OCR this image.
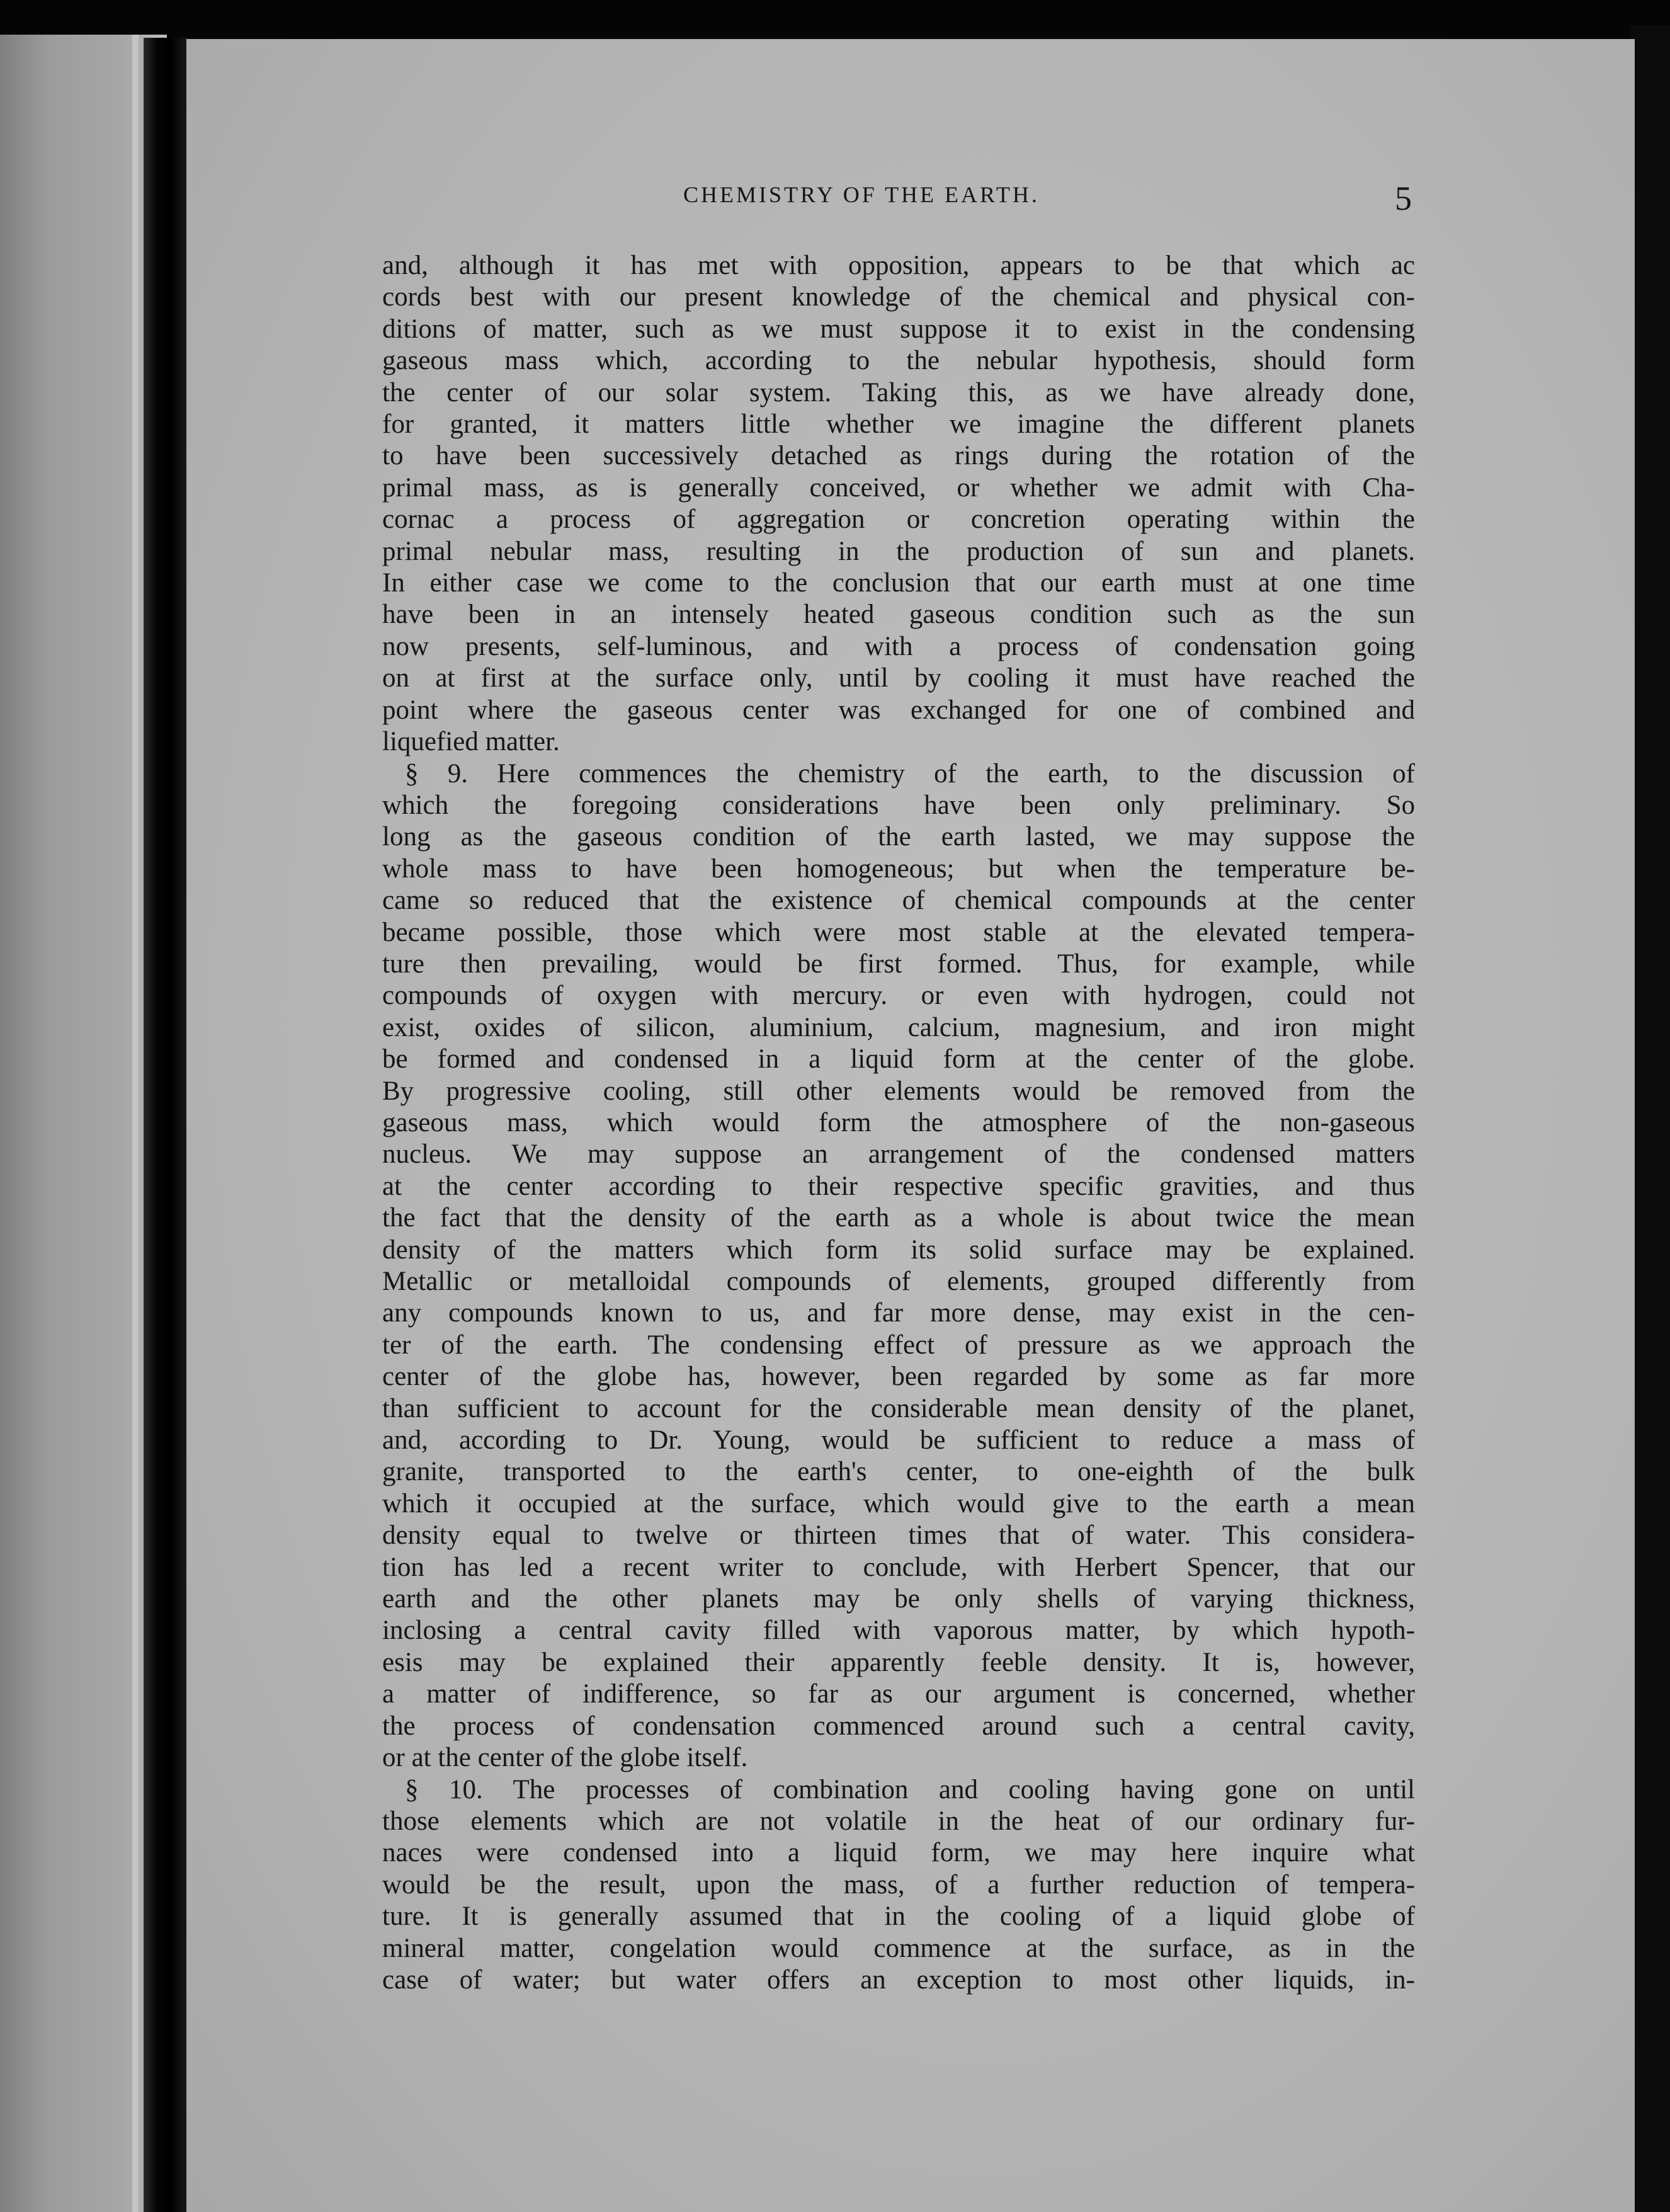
CHEMISTRY OF THE EARTH.	5
and, although it has met with opposition, appears to be that which ac
cords best with our present knowledge of the chemical and physical con-
ditions of matter, such as we must suppose it to exist in the condensing
gaseous mass which, according to the nebular hypothesis, should form
the center of our solar system. Taking this, as we have already done,
for granted, it matters little whether we imagine the different planets
to have been successively detached as rings during the rotation of the
primal mass, as is generally conceived, or whether we admit with Cha-
cornac a process of aggregation or concretion operating within the
primal nebular mass, resulting in the production of sun and planets.
In either case we come to the conclusion that our earth must at one time
have been in an intensely heated gaseous condition such as the sun
now presents, self-luminous, and with a process of condensation going
on at first at the surface only, until by cooling it must have reached the
point where the gaseous center was exchanged for one of combined and
liquefied matter.
§ 9. Here commences the chemistry of the earth, to the discussion of
which the foregoing considerations have been only preliminary. So
long as the gaseous condition of the earth lasted, we may suppose the
whole mass to have been homogeneous; but when the temperature be-
came so reduced that the existence of chemical compounds at the center
became possible, those which were most stable at the elevated tempera-
ture then prevailing, would be first formed. Thus, for example, while
compounds of oxygen with mercury. or even with hydrogen, could not
exist, oxides of silicon, aluminium, calcium, magnesium, and iron might
be formed and condensed in a liquid form at the center of the globe.
By progressive cooling, still other elements would be removed from the
gaseous mass, which would form the atmosphere of the non-gaseous
nucleus. We may suppose an arrangement of the condensed matters
at the center according to their respective specific gravities, and thus
the fact that the density of the earth as a whole is about twice the mean
density of the matters which form its solid surface may be explained.
Metallic or metalloidal compounds of elements, grouped differently from
any compounds known to us, and far more dense, may exist in the cen-
ter of the earth. The condensing effect of pressure as we approach the
center of the globe has, however, been regarded by some as far more
than sufficient to account for the considerable mean density of the planet,
and, according to Dr. Young, would be sufficient to reduce a mass of
granite, transported to the earth's center, to one-eighth of the bulk
which it occupied at the surface, which would give to the earth a mean
density equal to twelve or thirteen times that of water. This considera-
tion has led a recent writer to conclude, with Herbert Spencer, that our
earth and the other planets may be only shells of varying thickness,
inclosing a central cavity filled with vaporous matter, by which hypoth-
esis may be explained their apparently feeble density. It is, however,
a matter of indifference, so far as our argument is concerned, whether
the process of condensation commenced around such a central cavity,
or at the center of the globe itself.
§ 10. The processes of combination and cooling having gone on until
those elements which are not volatile in the heat of our ordinary fur-
naces were condensed into a liquid form, we may here inquire what
would be the result, upon the mass, of a further reduction of tempera-
ture. It is generally assumed that in the cooling of a liquid globe of
mineral matter, congelation would commence at the surface, as in the
case of water; but water offers an exception to most other liquids, in-
